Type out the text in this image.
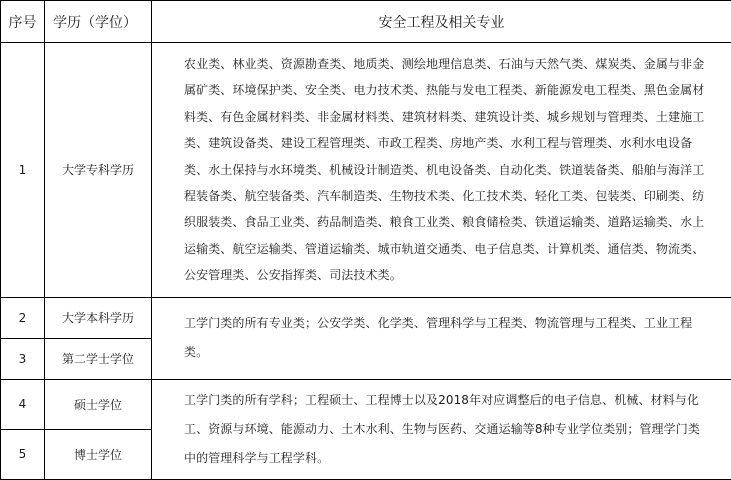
序号	学历（学位）	安全工程及相关专业
1	大学专科学历	农业类、林业类、资源勘查类、地质类、测绘地理信息类、石油与天然气类、煤炭类、金属与非金属矿类、环境保护类、安全类、电力技术类、热能与发电工程类、新能源发电工程类、黑色金属材料类、有色金属材料类、非金属材料类、建筑材料类、建筑设计类、城乡规划与管理类、土建施工类、建筑设备类、建设工程管理类、市政工程类、房地产类、水利工程与管理类、水利水电设备类、水土保持与水环境类、机械设计制造类、机电设备类、自动化类、铁道装备类、船舶与海洋工程装备类、航空装备类、汽车制造类、生物技术类、化工技术类、轻化工类、包装类、印刷类、纺织服装类、食品工业类、药品制造类、粮食工业类、粮食储检类、铁道运输类、道路运输类、水上运输类、航空运输类、管道运输类、城市轨道交通类、电子信息类、计算机类、通信类、物流类、公安管理类、公安指挥类、司法技术类。

2	大学本科学历	工学门类的所有专业类；公安学类、化学类、管理科学与工程类、物流管理与工程类、工业工程类。

3	第二学士学位	
4	硕士学位	工学门类的所有学科；工程硕士、工程博士以及2018年对应调整后的电子信息、机械、材料与化工、资源与环境、能源动力、土木水利、生物与医药、交通运输等8种专业学位类别；管理学门类中的管理科学与工程学科。

5	博士学位	
